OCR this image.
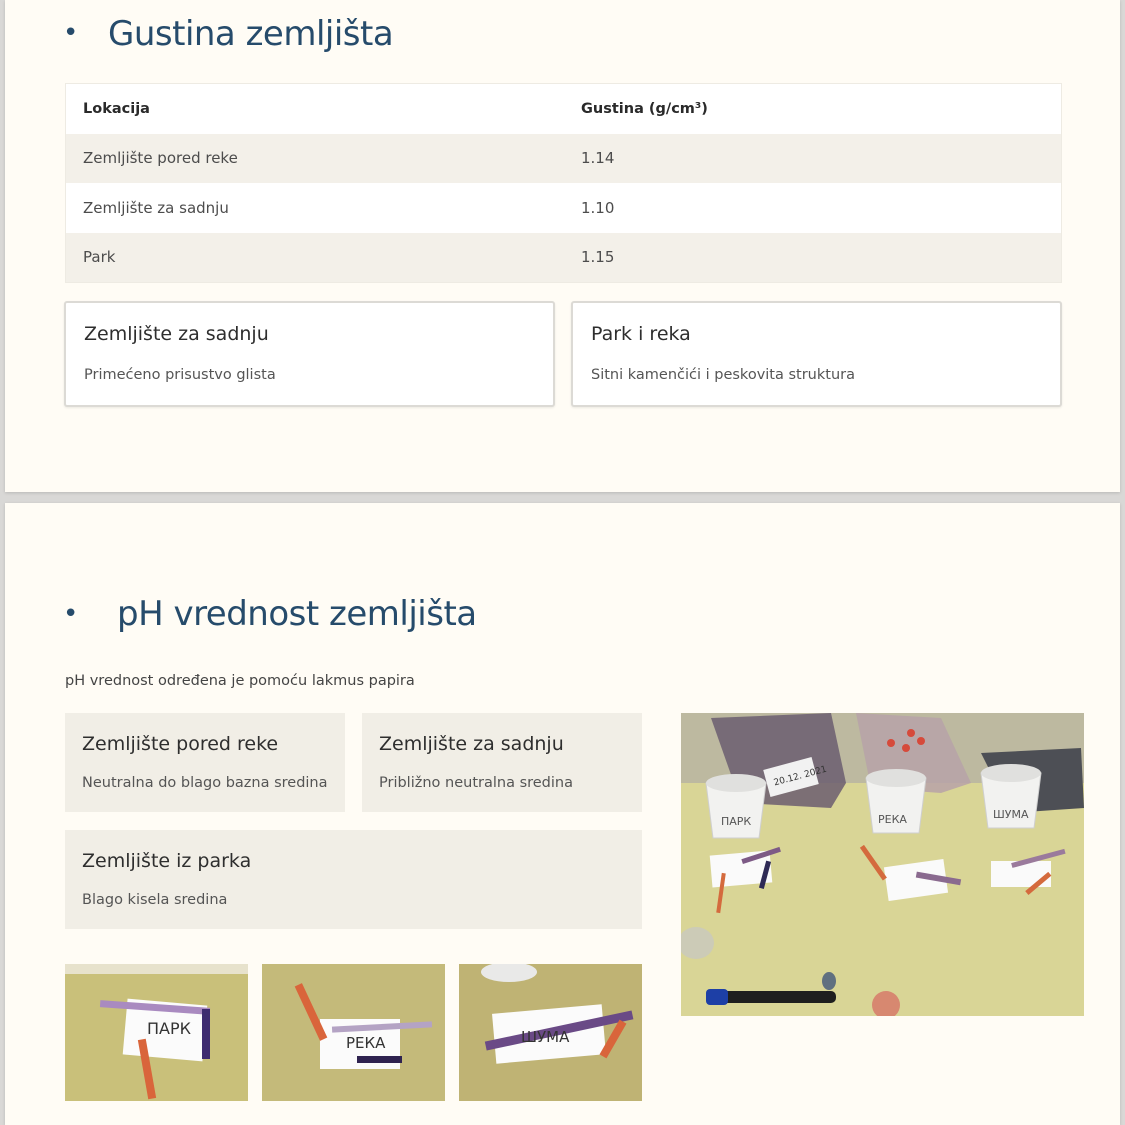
• Gustina zemljišta
Lokacija	Gustina (g/cm³)
Zemljište pored reke	1.14
Zemljište za sadnju	1.10
Park	1.15
Zemljište za sadnju
Primećeno prisustvo glista
Park i reka
Sitni kamenčići i peskovita struktura
• pH vrednost zemljišta
pH vrednost određena je pomoću lakmus papira
Zemljište pored reke
Neutralna do blago bazna sredina
Zemljište za sadnju
Približno neutralna sredina
Zemljište iz parka
Blago kisela sredina
20.12. 2021
ПАРК	РЕКА	ШУМА
ПАРК
РЕКА	ШУМА
